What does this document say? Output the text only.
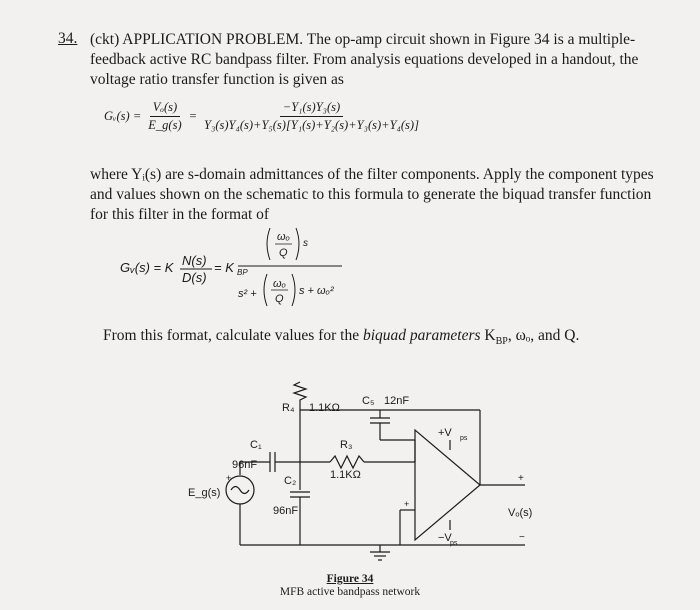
34. (ckt) APPLICATION PROBLEM. The op-amp circuit shown in Figure 34 is a multiple-feedback active RC bandpass filter. From analysis equations developed in a handout, the voltage ratio transfer function is given as

Gᵥ(s) = $\frac{\text{Vₒ(s)}}{E\_g(s)} = \frac{\text{−Y₁(s)Y₃(s)}}{\text{Y₃(s)Y₄(s)+Y₅(s)[Y₁(s)+Y₂(s)+Y₃(s)+Y₄(s)]}}$

where Yᵢ(s) are s-domain admittances of the filter components. Apply the component types and values shown on the schematic to this formula to generate the biquad transfer function for this filter in the format of

Gᵥ(s) = K N(s)
D(s)
= K BP
ωₒ
Q
s
s² +
ωₒ
Q
s + ωₒ²

From this format, calculate values for the biquad parameters $K_{BP}$, ωₒ, and Q.

R₄ 1.1KΩ
C₅ 12nF
C₁
96nF
R₃
1.1KΩ
C₂
96nF
E_g(s)
+
+V ps
−V
ps
+
Vₒ(s)
−
+
Figure 34
MFB active bandpass network
